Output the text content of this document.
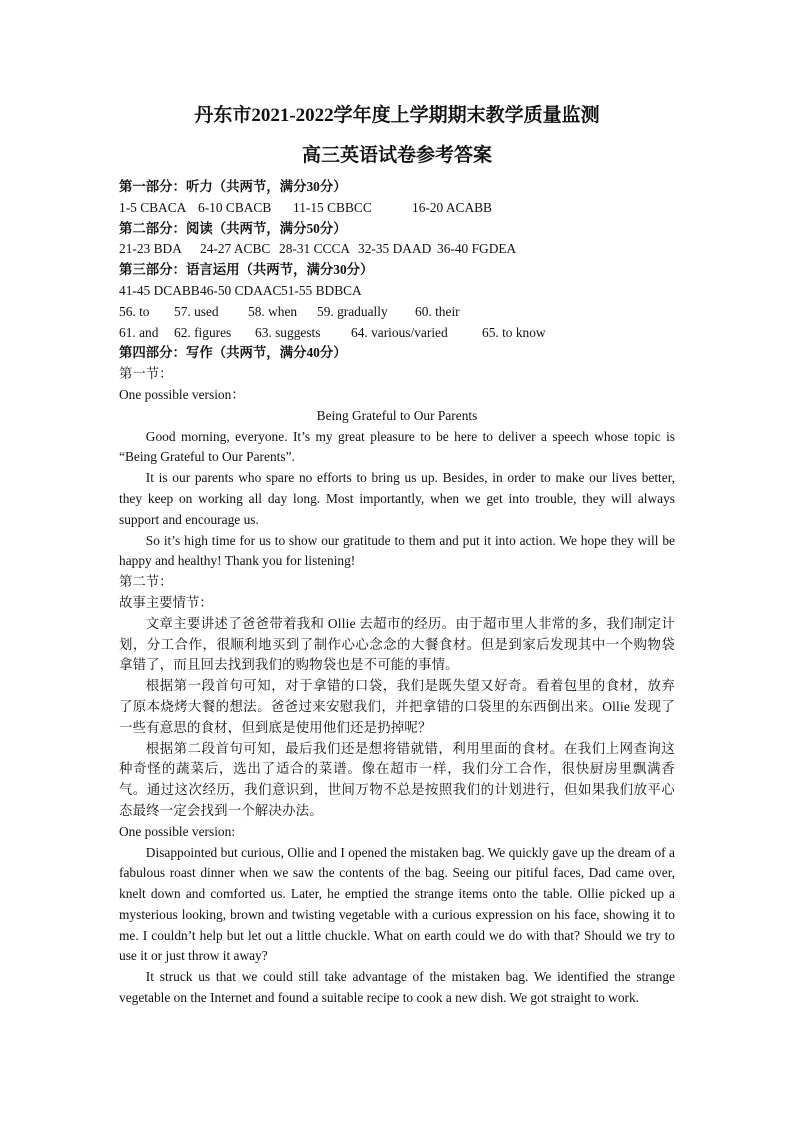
丹东市2021-2022学年度上学期期末教学质量监测
高三英语试卷参考答案

第一部分：听力（共两节，满分30分）

1-5 CBACA 6-10 CBACB	11-15 CBBCC	16-20 ACABB

第二部分：阅读（共两节，满分50分）

21-23 BDA	24-27 ACBC 28-31 CCCA 32-35 DAAD 36-40 FGDEA

第三部分：语言运用（共两节，满分30分）

41-45 DCABB 46-50 CDAAC 51-55 BDBCA
56. to	57. used	58. when	59. gradually	60. their
61. and	62. figures	63. suggests	64. various/varied	65. to know

第四部分：写作（共两节，满分40分）

第一节：

One possible version：

Being Grateful to Our Parents

Good morning, everyone. It’s my great pleasure to be here to deliver a speech whose topic is “Being Grateful to Our Parents”.

It is our parents who spare no efforts to bring us up. Besides, in order to make our lives better, they keep on working all day long. Most importantly, when we get into trouble, they will always support and encourage us.

So it’s high time for us to show our gratitude to them and put it into action. We hope they will be happy and healthy! Thank you for listening!

第二节：

故事主要情节：

文章主要讲述了爸爸带着我和 Ollie 去超市的经历。由于超市里人非常的多，我们制定计划，分工合作，很顺利地买到了制作心心念念的大餐食材。但是到家后发现其中一个购物袋拿错了，而且回去找到我们的购物袋也是不可能的事情。

根据第一段首句可知，对于拿错的口袋，我们是既失望又好奇。看着包里的食材，放弃了原本烧烤大餐的想法。爸爸过来安慰我们，并把拿错的口袋里的东西倒出来。Ollie 发现了一些有意思的食材，但到底是使用他们还是扔掉呢？

根据第二段首句可知，最后我们还是想将错就错，利用里面的食材。在我们上网查询这种奇怪的蔬菜后，选出了适合的菜谱。像在超市一样，我们分工合作，很快厨房里飘满香气。通过这次经历，我们意识到，世间万物不总是按照我们的计划进行，但如果我们放平心态最终一定会找到一个解决办法。

One possible version:

Disappointed but curious, Ollie and I opened the mistaken bag. We quickly gave up the dream of a fabulous roast dinner when we saw the contents of the bag. Seeing our pitiful faces, Dad came over, knelt down and comforted us. Later, he emptied the strange items onto the table. Ollie picked up a mysterious looking, brown and twisting vegetable with a curious expression on his face, showing it to me. I couldn’t help but let out a little chuckle. What on earth could we do with that? Should we try to use it or just throw it away?

It struck us that we could still take advantage of the mistaken bag. We identified the strange vegetable on the Internet and found a suitable recipe to cook a new dish. We got straight to work.
